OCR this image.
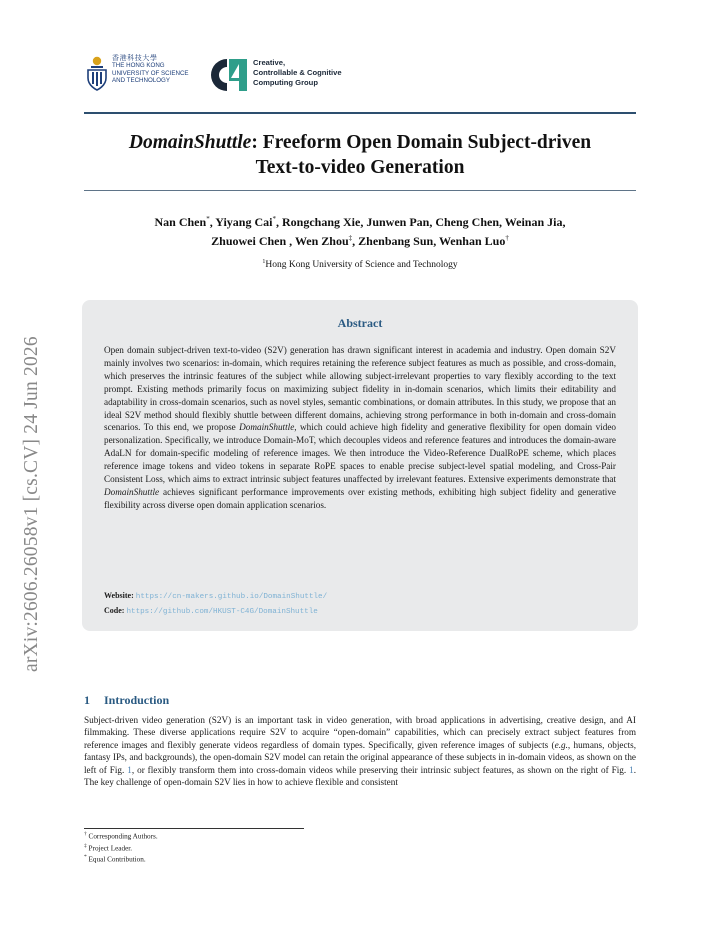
arXiv:2606.26058v1 [cs.CV] 24 Jun 2026
香港科技大學
THE HONG KONG
UNIVERSITY OF SCIENCE
AND TECHNOLOGY
Creative,
Controllable & Cognitive
Computing Group
DomainShuttle: Freeform Open Domain Subject-driven
Text-to-video Generation
Nan Chen*, Yiyang Cai*, Rongchang Xie, Junwen Pan, Cheng Chen, Weinan Jia,
Zhuowei Chen , Wen Zhou‡, Zhenbang Sun, Wenhan Luo†
$^1$Hong Kong University of Science and Technology
Abstract
Open domain subject-driven text-to-video (S2V) generation has drawn significant interest in academia and industry. Open domain S2V mainly involves two scenarios: in-domain, which requires retaining the reference subject features as much as possible, and cross-domain, which preserves the intrinsic features of the subject while allowing subject-irrelevant properties to vary flexibly according to the text prompt. Existing methods primarily focus on maximizing subject fidelity in in-domain scenarios, which limits their editability and adaptability in cross-domain scenarios, such as novel styles, semantic combinations, or domain attributes. In this study, we propose that an ideal S2V method should flexibly shuttle between different domains, achieving strong performance in both in-domain and cross-domain scenarios. To this end, we propose DomainShuttle, which could achieve high fidelity and generative flexibility for open domain video personalization. Specifically, we introduce Domain-MoT, which decouples videos and reference features and introduces the domain-aware AdaLN for domain-specific modeling of reference images. We then introduce the Video-Reference DualRoPE scheme, which places reference image tokens and video tokens in separate RoPE spaces to enable precise subject-level spatial modeling, and Cross-Pair Consistent Loss, which aims to extract intrinsic subject features unaffected by irrelevant features. Extensive experiments demonstrate that DomainShuttle achieves significant performance improvements over existing methods, exhibiting high subject fidelity and generative flexibility across diverse open domain application scenarios.
Website: https://cn-makers.github.io/DomainShuttle/
Code: https://github.com/HKUST-C4G/DomainShuttle
1 Introduction
Subject-driven video generation (S2V) is an important task in video generation, with broad applications in advertising, creative design, and AI filmmaking. These diverse applications require S2V to acquire “open-domain” capabilities, which can precisely extract subject features from reference images and flexibly generate videos regardless of domain types. Specifically, given reference images of subjects (e.g., humans, objects, fantasy IPs, and backgrounds), the open-domain S2V model can retain the original appearance of these subjects in in-domain videos, as shown on the left of Fig. 1, or flexibly transform them into cross-domain videos while preserving their intrinsic subject features, as shown on the right of Fig. 1. The key challenge of open-domain S2V lies in how to achieve flexible and consistent
† Corresponding Authors.
‡ Project Leader.
* Equal Contribution.
